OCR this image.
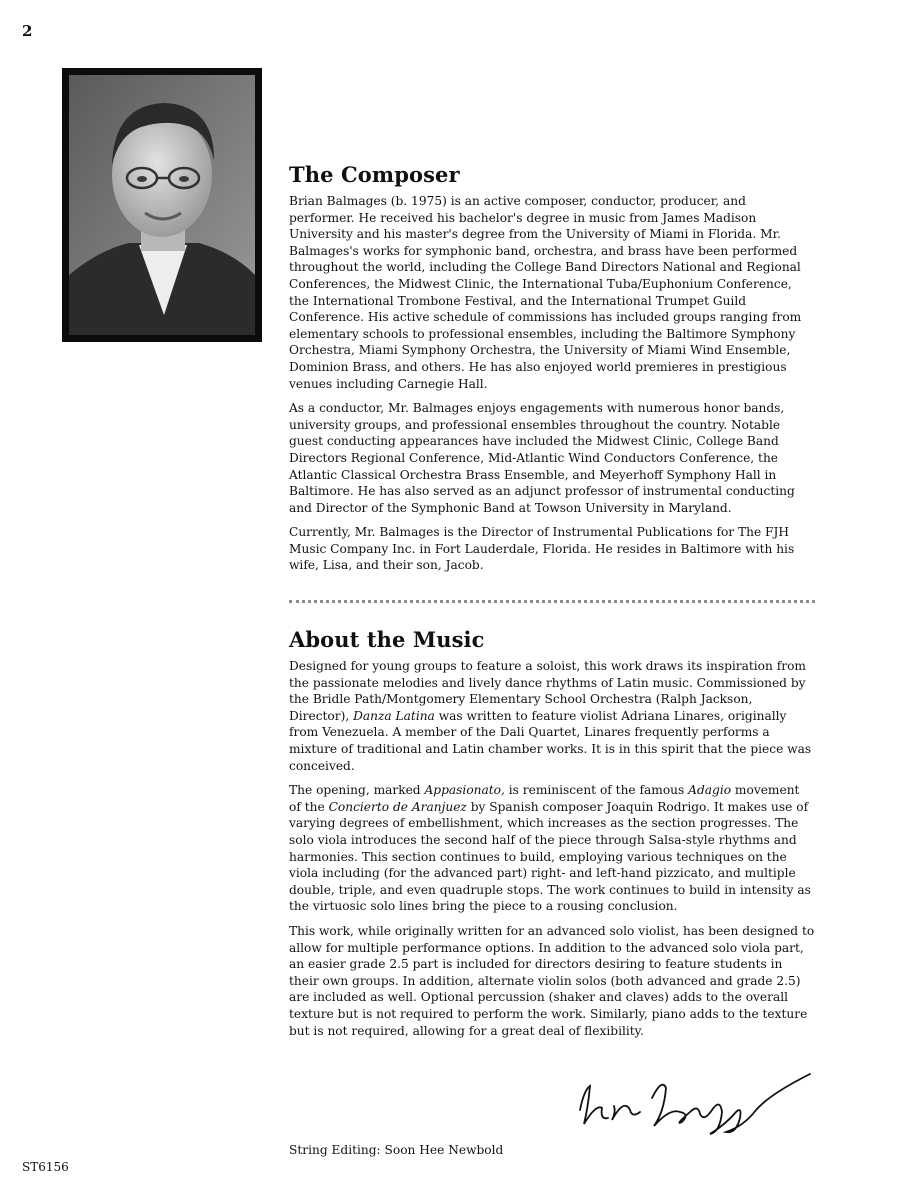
2
The Composer

Brian Balmages (b. 1975) is an active composer, conductor, producer, and performer. He received his bachelor's degree in music from James Madison University and his master's degree from the University of Miami in Florida. Mr. Balmages's works for symphonic band, orchestra, and brass have been performed throughout the world, including the College Band Directors National and Regional Conferences, the Midwest Clinic, the International Tuba/Euphonium Conference, the International Trombone Festival, and the International Trumpet Guild Conference. His active schedule of commissions has included groups ranging from elementary schools to professional ensembles, including the Baltimore Symphony Orchestra, Miami Symphony Orchestra, the University of Miami Wind Ensemble, Dominion Brass, and others. He has also enjoyed world premieres in prestigious venues including Carnegie Hall.

As a conductor, Mr. Balmages enjoys engagements with numerous honor bands, university groups, and professional ensembles throughout the country. Notable guest conducting appearances have included the Midwest Clinic, College Band Directors Regional Conference, Mid-Atlantic Wind Conductors Conference, the Atlantic Classical Orchestra Brass Ensemble, and Meyerhoff Symphony Hall in Baltimore. He has also served as an adjunct professor of instrumental conducting and Director of the Symphonic Band at Towson University in Maryland.

Currently, Mr. Balmages is the Director of Instrumental Publications for The FJH Music Company Inc. in Fort Lauderdale, Florida. He resides in Baltimore with his wife, Lisa, and their son, Jacob.

About the Music

Designed for young groups to feature a soloist, this work draws its inspiration from the passionate melodies and lively dance rhythms of Latin music. Commissioned by the Bridle Path/Montgomery Elementary School Orchestra (Ralph Jackson, Director), Danza Latina was written to feature violist Adriana Linares, originally from Venezuela. A member of the Dali Quartet, Linares frequently performs a mixture of traditional and Latin chamber works. It is in this spirit that the piece was conceived.

The opening, marked Appasionato, is reminiscent of the famous Adagio movement of the Concierto de Aranjuez by Spanish composer Joaquin Rodrigo. It makes use of varying degrees of embellishment, which increases as the section progresses. The solo viola introduces the second half of the piece through Salsa-style rhythms and harmonies. This section continues to build, employing various techniques on the viola including (for the advanced part) right- and left-hand pizzicato, and multiple double, triple, and even quadruple stops. The work continues to build in intensity as the virtuosic solo lines bring the piece to a rousing conclusion.

This work, while originally written for an advanced solo violist, has been designed to allow for multiple performance options. In addition to the advanced solo viola part, an easier grade 2.5 part is included for directors desiring to feature students in their own groups. In addition, alternate violin solos (both advanced and grade 2.5) are included as well. Optional percussion (shaker and claves) adds to the overall texture but is not required to perform the work. Similarly, piano adds to the texture but is not required, allowing for a great deal of flexibility.

String Editing: Soon Hee Newbold
ST6156
